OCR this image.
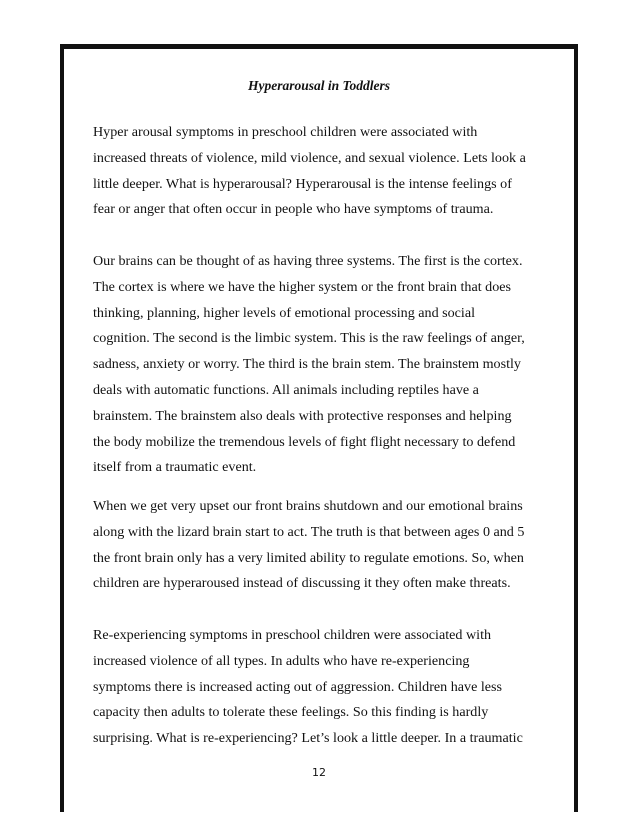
Hyperarousal in Toddlers

Hyper arousal symptoms in preschool children were associated with
increased threats of violence, mild violence, and sexual violence. Lets look a
little deeper. What is hyperarousal? Hyperarousal is the intense feelings of
fear or anger that often occur in people who have symptoms of trauma.

Our brains can be thought of as having three systems. The first is the cortex.
The cortex is where we have the higher system or the front brain that does
thinking, planning, higher levels of emotional processing and social
cognition. The second is the limbic system. This is the raw feelings of anger,
sadness, anxiety or worry. The third is the brain stem. The brainstem mostly
deals with automatic functions. All animals including reptiles have a
brainstem. The brainstem also deals with protective responses and helping
the body mobilize the tremendous levels of fight flight necessary to defend
itself from a traumatic event.

When we get very upset our front brains shutdown and our emotional brains
along with the lizard brain start to act. The truth is that between ages 0 and 5
the front brain only has a very limited ability to regulate emotions. So, when
children are hyperaroused instead of discussing it they often make threats.

Re-experiencing symptoms in preschool children were associated with
increased violence of all types. In adults who have re-experiencing
symptoms there is increased acting out of aggression. Children have less
capacity then adults to tolerate these feelings. So this finding is hardly
surprising. What is re-experiencing? Let’s look a little deeper. In a traumatic

12
